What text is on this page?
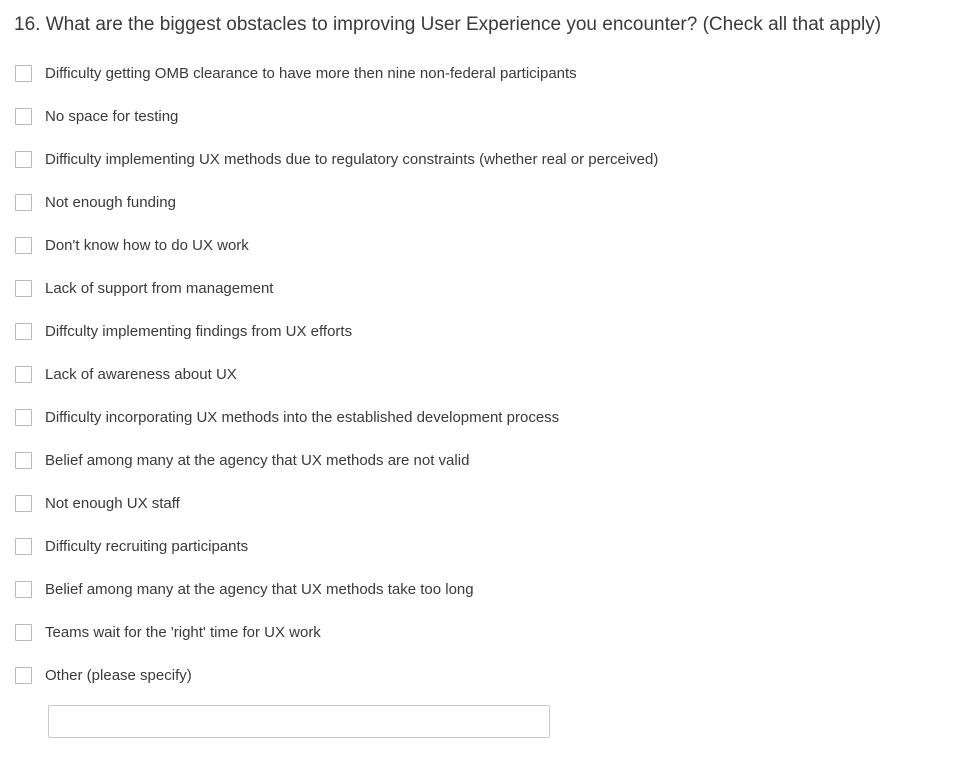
16. What are the biggest obstacles to improving User Experience you encounter? (Check all that apply)
Difficulty getting OMB clearance to have more then nine non-federal participants
No space for testing
Difficulty implementing UX methods due to regulatory constraints (whether real or perceived)
Not enough funding
Don't know how to do UX work
Lack of support from management
Diffculty implementing findings from UX efforts
Lack of awareness about UX
Difficulty incorporating UX methods into the established development process
Belief among many at the agency that UX methods are not valid
Not enough UX staff
Difficulty recruiting participants
Belief among many at the agency that UX methods take too long
Teams wait for the 'right' time for UX work
Other (please specify)
